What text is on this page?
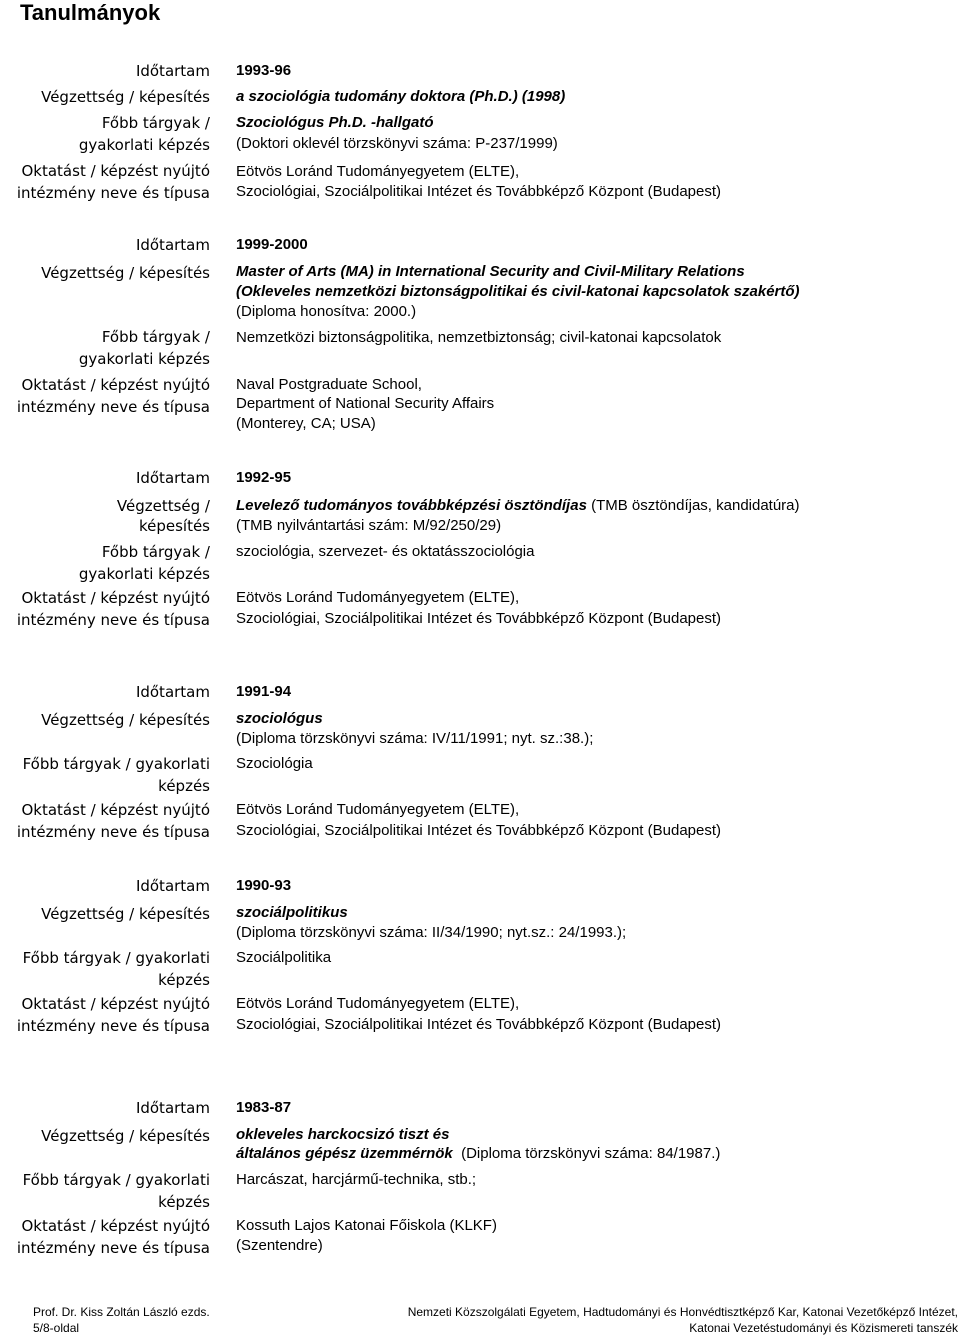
Tanulmányok
Időtartam 1993-96
Végzettség / képesítés a szociológia tudomány doktora (Ph.D.) (1998)
Főbb tárgyak /
gyakorlati képzés
Szociológus Ph.D. -hallgató
(Doktori oklevél törzskönyvi száma: P-237/1999)
Oktatást / képzést nyújtó
intézmény neve és típusa
Eötvös Loránd Tudományegyetem (ELTE),
Szociológiai, Szociálpolitikai Intézet és Továbbképző Központ (Budapest)
Időtartam 1999-2000
Végzettség / képesítés Master of Arts (MA) in International Security and Civil-Military Relations
(Okleveles nemzetközi biztonságpolitikai és civil-katonai kapcsolatok szakértő)
(Diploma honosítva: 2000.)
Főbb tárgyak /
gyakorlati képzés
Nemzetközi biztonságpolitika, nemzetbiztonság; civil-katonai kapcsolatok
Oktatást / képzést nyújtó
intézmény neve és típusa
Naval Postgraduate School,
Department of National Security Affairs
(Monterey, CA; USA)
Időtartam 1992-95
Végzettség /
képesítés
Levelező tudományos továbbképzési ösztöndíjas (TMB ösztöndíjas, kandidatúra)
(TMB nyilvántartási szám: M/92/250/29)
Főbb tárgyak /
gyakorlati képzés
szociológia, szervezet- és oktatásszociológia
Oktatást / képzést nyújtó
intézmény neve és típusa
Eötvös Loránd Tudományegyetem (ELTE),
Szociológiai, Szociálpolitikai Intézet és Továbbképző Központ (Budapest)
Időtartam 1991-94
Végzettség / képesítés szociológus
(Diploma törzskönyvi száma: IV/11/1991; nyt. sz.:38.);
Főbb tárgyak / gyakorlati
képzés
Szociológia
Oktatást / képzést nyújtó
intézmény neve és típusa
Eötvös Loránd Tudományegyetem (ELTE),
Szociológiai, Szociálpolitikai Intézet és Továbbképző Központ (Budapest)
Időtartam 1990-93
Végzettség / képesítés szociálpolitikus
(Diploma törzskönyvi száma: II/34/1990; nyt.sz.: 24/1993.);
Főbb tárgyak / gyakorlati
képzés
Szociálpolitika
Oktatást / képzést nyújtó
intézmény neve és típusa
Eötvös Loránd Tudományegyetem (ELTE),
Szociológiai, Szociálpolitikai Intézet és Továbbképző Központ (Budapest)
Időtartam 1983-87
Végzettség / képesítés okleveles harckocsizó tiszt és
általános gépész üzemmérnök  (Diploma törzskönyvi száma: 84/1987.)
Főbb tárgyak / gyakorlati
képzés
Harcászat, harcjármű-technika, stb.;
Oktatást / képzést nyújtó
intézmény neve és típusa
Kossuth Lajos Katonai Főiskola (KLKF)
(Szentendre)
Prof. Dr. Kiss Zoltán László ezds.
5/8-oldal
Nemzeti Közszolgálati Egyetem, Hadtudományi és Honvédtisztképző Kar, Katonai Vezetőképző Intézet,
Katonai Vezetéstudományi és Közismereti tanszék
